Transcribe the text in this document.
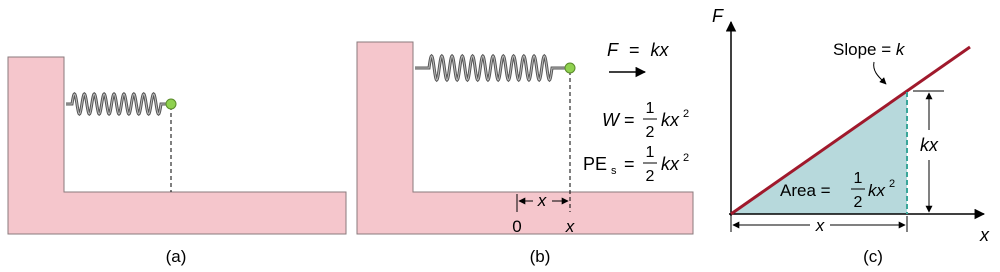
(a)
F = kx
W =
1
2
kx 2
PE s =
1
2
kx 2
x
0	x
(b)
F
x
Slope = k
kx
Area =
1
2
kx 2
x
(c)
